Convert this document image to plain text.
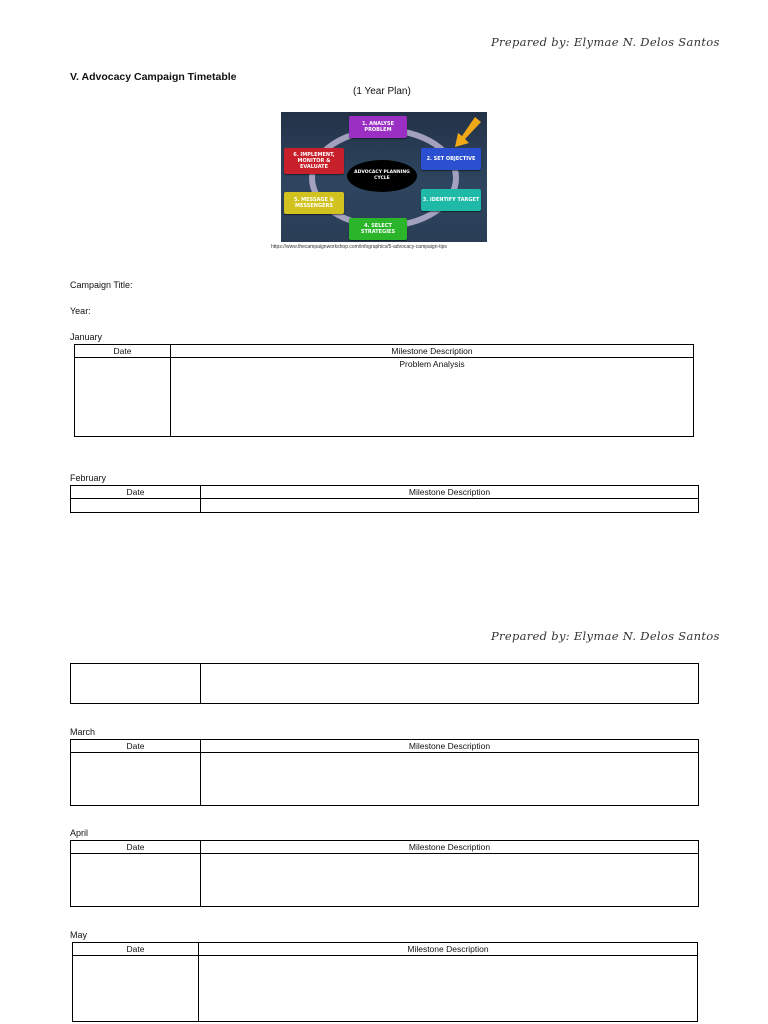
Prepared by: Elymae N. Delos Santos
V. Advocacy Campaign Timetable
(1 Year Plan)
ADVOCACY PLANNING CYCLE
1. ANALYSE PROBLEM
2. SET OBJECTIVE
3. IDENTIFY TARGET
4. SELECT STRATEGIES
5. MESSAGE & MESSENGERS
6. IMPLEMENT, MONITOR & EVALUATE
https://www.thecampaignworkshop.com/infographics/5-advocacy-campaign-tips
Campaign Title:
Year:
January
Date	Milestone Description
	Problem Analysis
February
Date	Milestone Description

Prepared by: Elymae N. Delos Santos

March
Date	Milestone Description

April
Date	Milestone Description

May
Date	Milestone Description
